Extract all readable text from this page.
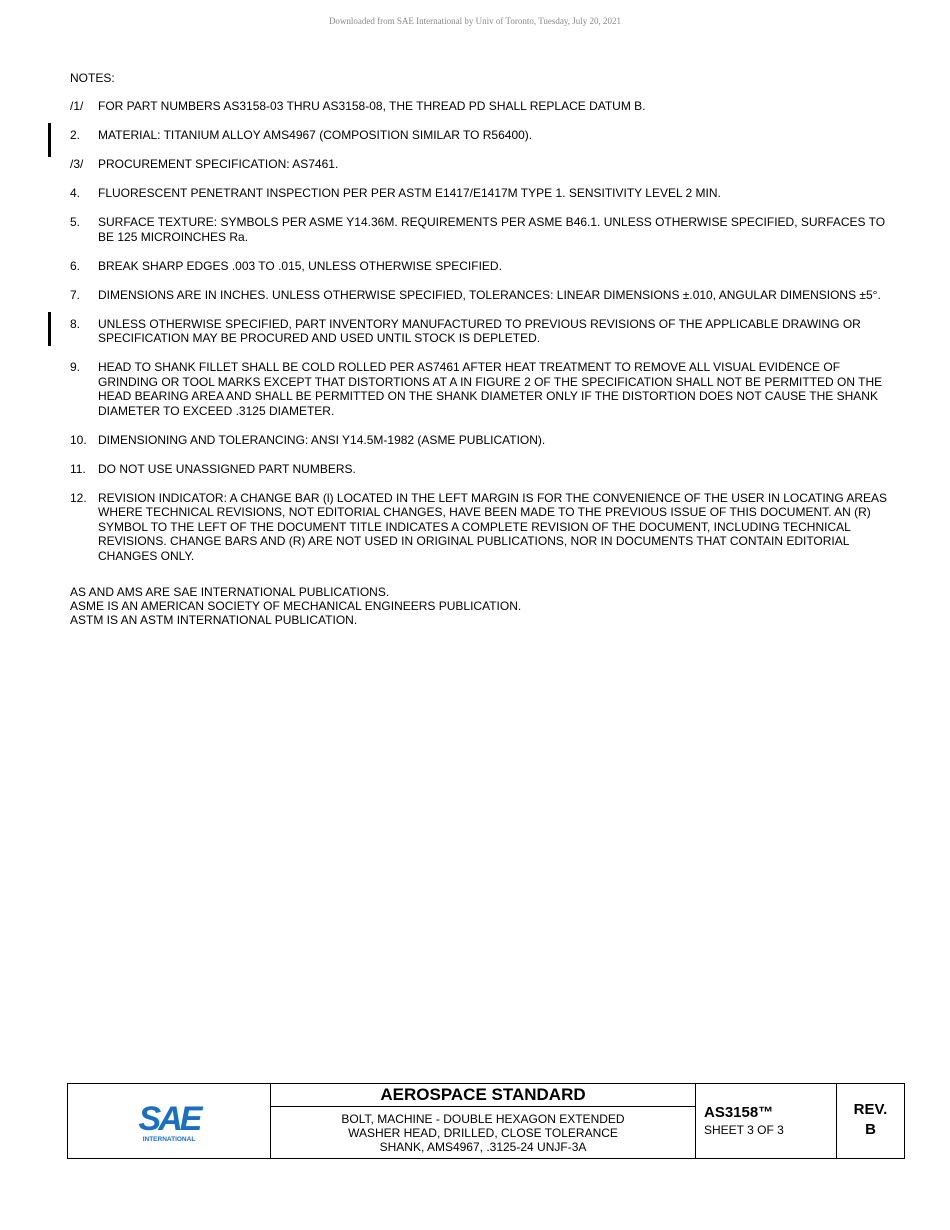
Downloaded from SAE International by Univ of Toronto, Tuesday, July 20, 2021
NOTES:
/1/	FOR PART NUMBERS AS3158-03 THRU AS3158-08, THE THREAD PD SHALL REPLACE DATUM B.
2.	MATERIAL: TITANIUM ALLOY AMS4967 (COMPOSITION SIMILAR TO R56400).
/3/	PROCUREMENT SPECIFICATION: AS7461.
4.	FLUORESCENT PENETRANT INSPECTION PER PER ASTM E1417/E1417M TYPE 1. SENSITIVITY LEVEL 2 MIN.
5.	SURFACE TEXTURE: SYMBOLS PER ASME Y14.36M. REQUIREMENTS PER ASME B46.1. UNLESS OTHERWISE SPECIFIED, SURFACES TO BE 125 MICROINCHES Ra.
6.	BREAK SHARP EDGES .003 TO .015, UNLESS OTHERWISE SPECIFIED.
7.	DIMENSIONS ARE IN INCHES. UNLESS OTHERWISE SPECIFIED, TOLERANCES: LINEAR DIMENSIONS ±.010, ANGULAR DIMENSIONS ±5°.
8.	UNLESS OTHERWISE SPECIFIED, PART INVENTORY MANUFACTURED TO PREVIOUS REVISIONS OF THE APPLICABLE DRAWING OR SPECIFICATION MAY BE PROCURED AND USED UNTIL STOCK IS DEPLETED.
9.	HEAD TO SHANK FILLET SHALL BE COLD ROLLED PER AS7461 AFTER HEAT TREATMENT TO REMOVE ALL VISUAL EVIDENCE OF GRINDING OR TOOL MARKS EXCEPT THAT DISTORTIONS AT A IN FIGURE 2 OF THE SPECIFICATION SHALL NOT BE PERMITTED ON THE HEAD BEARING AREA AND SHALL BE PERMITTED ON THE SHANK DIAMETER ONLY IF THE DISTORTION DOES NOT CAUSE THE SHANK DIAMETER TO EXCEED .3125 DIAMETER.
10. DIMENSIONING AND TOLERANCING: ANSI Y14.5M-1982 (ASME PUBLICATION).
11.	DO NOT USE UNASSIGNED PART NUMBERS.
12. REVISION INDICATOR: A CHANGE BAR (l) LOCATED IN THE LEFT MARGIN IS FOR THE CONVENIENCE OF THE USER IN LOCATING AREAS WHERE TECHNICAL REVISIONS, NOT EDITORIAL CHANGES, HAVE BEEN MADE TO THE PREVIOUS ISSUE OF THIS DOCUMENT. AN (R) SYMBOL TO THE LEFT OF THE DOCUMENT TITLE INDICATES A COMPLETE REVISION OF THE DOCUMENT, INCLUDING TECHNICAL REVISIONS. CHANGE BARS AND (R) ARE NOT USED IN ORIGINAL PUBLICATIONS, NOR IN DOCUMENTS THAT CONTAIN EDITORIAL CHANGES ONLY.
AS AND AMS ARE SAE INTERNATIONAL PUBLICATIONS.
ASME IS AN AMERICAN SOCIETY OF MECHANICAL ENGINEERS PUBLICATION.
ASTM IS AN ASTM INTERNATIONAL PUBLICATION.
SAE
INTERNATIONAL
AEROSPACE STANDARD
BOLT, MACHINE - DOUBLE HEXAGON EXTENDED
WASHER HEAD, DRILLED, CLOSE TOLERANCE
SHANK, AMS4967, .3125-24 UNJF-3A
AS3158™
SHEET 3 OF 3
REV.
B
